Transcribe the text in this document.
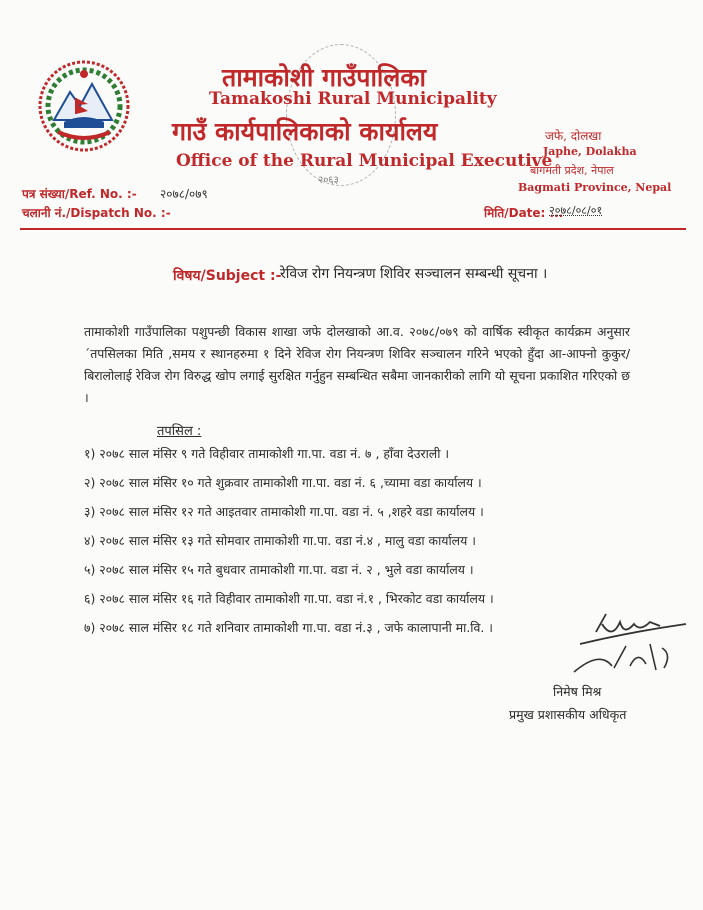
तामाकोशी गाउँपालिका
Tamakoshi Rural Municipality
गाउँ कार्यपालिकाको कार्यालय
Office of the Rural Municipal Executive
२०६३
जफे, दोलखा
Japhe, Dolakha
बागमती प्रदेश, नेपाल
Bagmati Province, Nepal
पत्र संख्या/Ref. No. :- २०७८/०७९
चलानी नं./Dispatch No. :-	मिति/Date: ...
२०७८/०८/०१
विषय/Subject :-
रेविज रोग नियन्त्रण शिविर सञ्चालन सम्बन्धी सूचना ।
तामाकोशी गाउँपालिका पशुपन्छी विकास शाखा जफे दोलखाको आ.व. २०७८/०७९ को वार्षिक स्वीकृत कार्यक्रम अनुसार ´तपसिलका मिति ,समय र स्थानहरुमा १ दिने रेविज रोग नियन्त्रण शिविर सञ्चालन गरिने भएको हुँदा आ-आफ्नो कुकुर/बिरालोलाई रेविज रोग विरुद्ध खोप लगाई सुरक्षित गर्नुहुन सम्बन्धित सबैमा जानकारीको लागि यो सूचना प्रकाशित गरिएको छ ।
तपसिल :
१) २०७८ साल मंसिर ९ गते विहीवार तामाकोशी गा.पा. वडा नं. ७ , हाँवा देउराली ।
२) २०७८ साल मंसिर १० गते शुक्रवार तामाकोशी गा.पा. वडा नं. ६ ,च्यामा वडा कार्यालय ।
३) २०७८ साल मंसिर १२ गते आइतवार तामाकोशी गा.पा. वडा नं. ५ ,शहरे वडा कार्यालय ।
४) २०७८ साल मंसिर १३ गते सोमवार तामाकोशी गा.पा. वडा नं.४ , मालु वडा कार्यालय ।
५) २०७८ साल मंसिर १५ गते बुधवार तामाकोशी गा.पा. वडा नं. २ , भुले वडा कार्यालय ।
६) २०७८ साल मंसिर १६ गते विहीवार तामाकोशी गा.पा. वडा नं.१ , भिरकोट वडा कार्यालय ।
७) २०७८ साल मंसिर १८ गते शनिवार तामाकोशी गा.पा. वडा नं.३ , जफे कालापानी मा.वि. ।
निमेष मिश्र
प्रमुख प्रशासकीय अधिकृत
